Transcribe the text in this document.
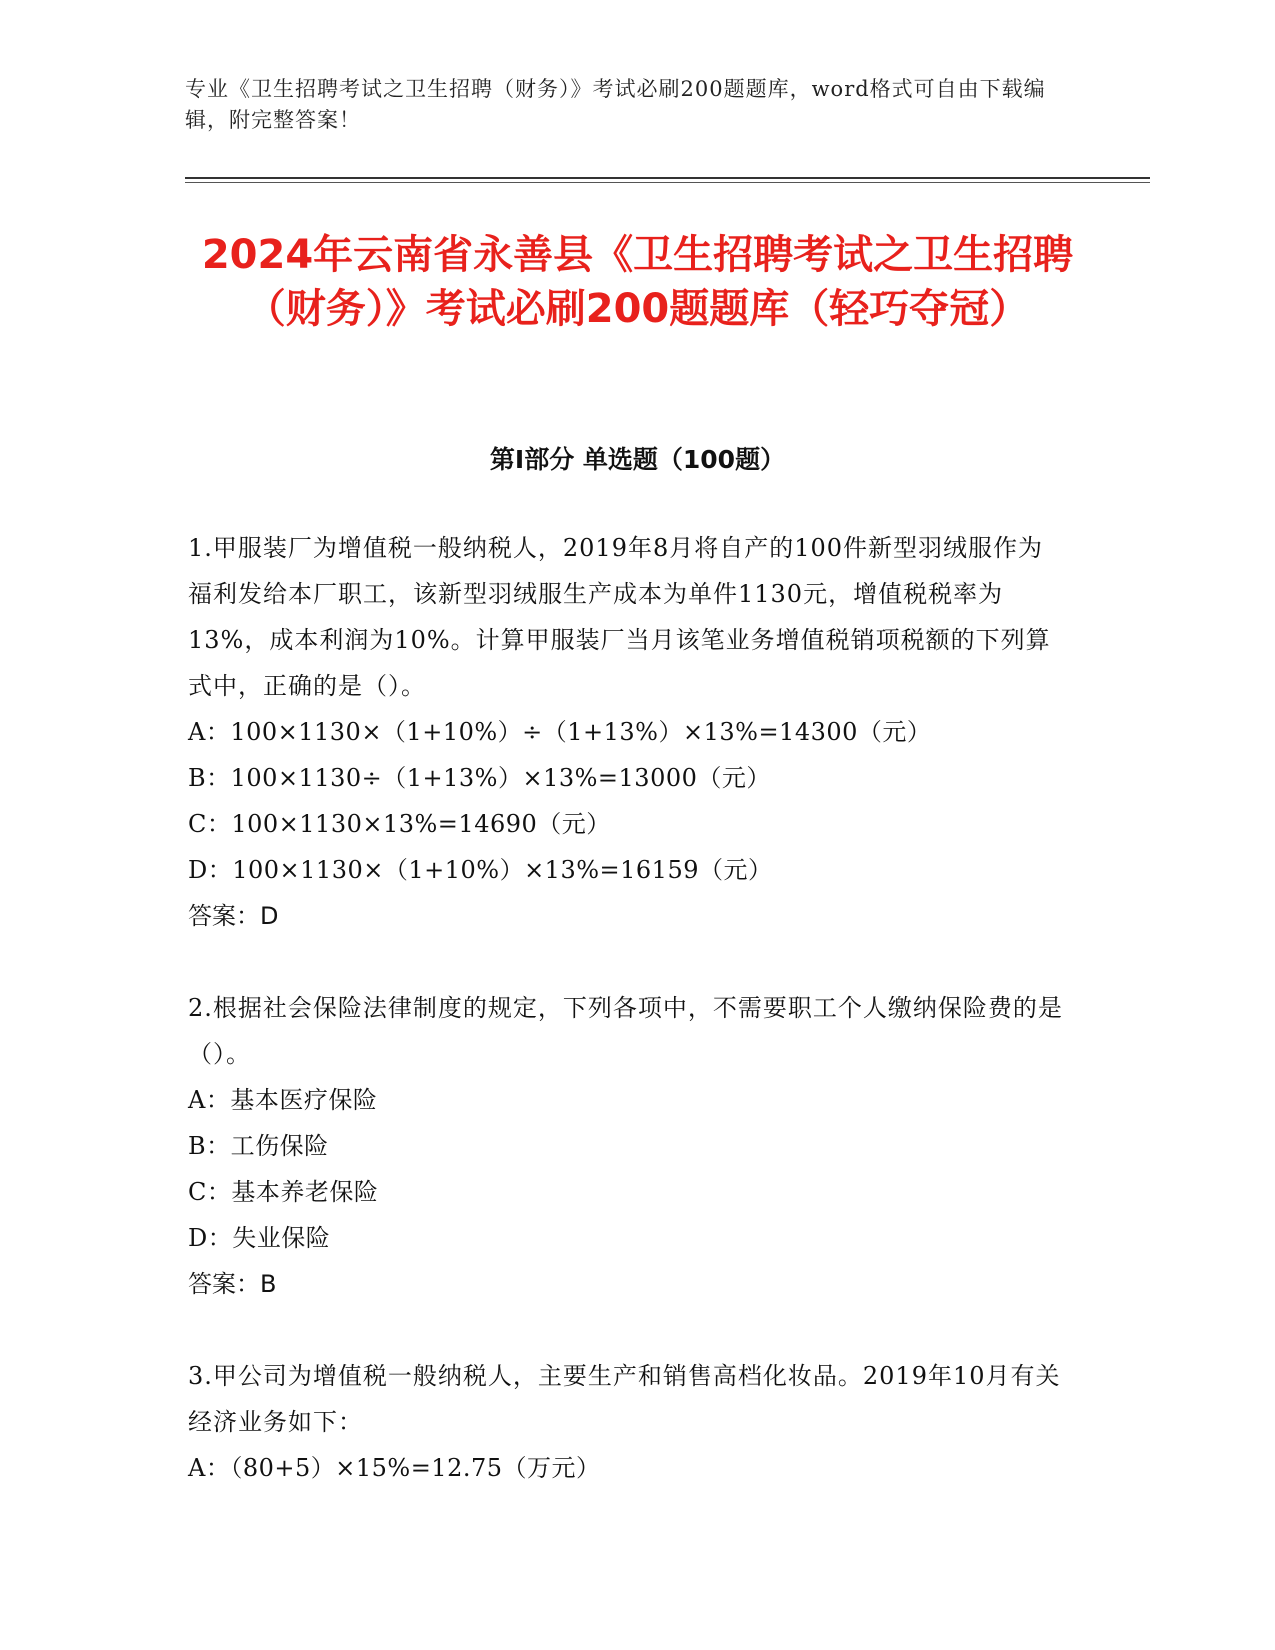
专业《卫生招聘考试之卫生招聘（财务）》考试必刷200题题库，word格式可自由下载编辑，附完整答案！
2024年云南省永善县《卫生招聘考试之卫生招聘（财务）》考试必刷200题题库（轻巧夺冠）
第I部分 单选题（100题）

1.甲服装厂为增值税一般纳税人，2019年8月将自产的100件新型羽绒服作为福利发给本厂职工，该新型羽绒服生产成本为单件1130元，增值税税率为13%，成本利润为10%。计算甲服装厂当月该笔业务增值税销项税额的下列算式中，正确的是（）。

A：100×1130×（1+10%）÷（1+13%）×13%=14300（元）

B：100×1130÷（1+13%）×13%=13000（元）

C：100×1130×13%=14690（元）

D：100×1130×（1+10%）×13%=16159（元）

答案：D

2.根据社会保险法律制度的规定，下列各项中，不需要职工个人缴纳保险费的是（）。

A：基本医疗保险

B：工伤保险

C：基本养老保险

D：失业保险

答案：B

3.甲公司为增值税一般纳税人，主要生产和销售高档化妆品。2019年10月有关经济业务如下：

A：（80+5）×15%=12.75（万元）
